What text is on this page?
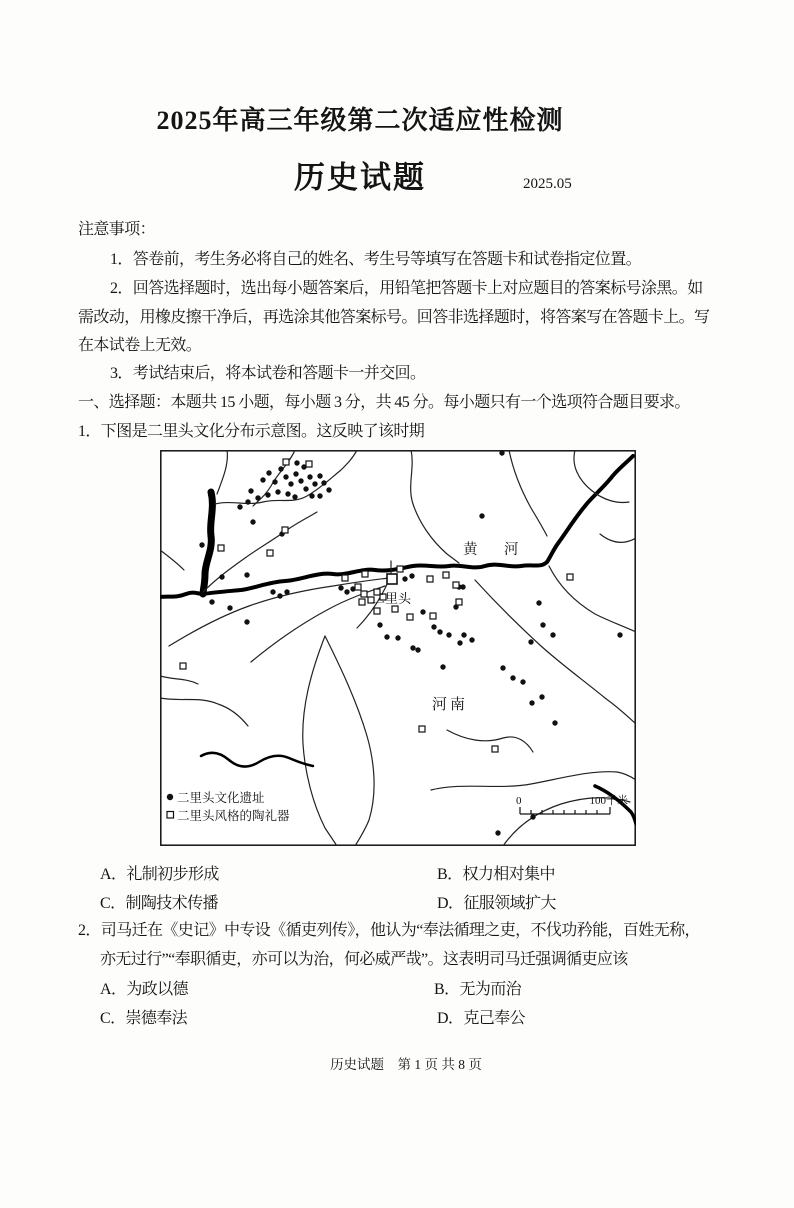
2025年高三年级第二次适应性检测
历史试题	2025.05
注意事项：
1．答卷前，考生务必将自己的姓名、考生号等填写在答题卡和试卷指定位置。
2．回答选择题时，选出每小题答案后，用铅笔把答题卡上对应题目的答案标号涂黑。如
需改动，用橡皮擦干净后，再选涂其他答案标号。回答非选择题时，将答案写在答题卡上。写
在本试卷上无效。
3．考试结束后，将本试卷和答题卡一并交回。
一、选择题：本题共 15 小题，每小题 3 分，共 45 分。每小题只有一个选项符合题目要求。
1．下图是二里头文化分布示意图。这反映了该时期
黄　河
二里头
河南
二里头文化遗址
二里头风格的陶礼器
0	100千米
A．礼制初步形成	B．权力相对集中
C．制陶技术传播	D．征服领域扩大
2．司马迁在《史记》中专设《循吏列传》，他认为“奉法循理之吏，不伐功矜能，百姓无称，
亦无过行”“奉职循吏，亦可以为治，何必威严哉”。这表明司马迁强调循吏应该
A．为政以德	B．无为而治
C．崇德奉法	D．克己奉公
历史试题　第 1 页 共 8 页
